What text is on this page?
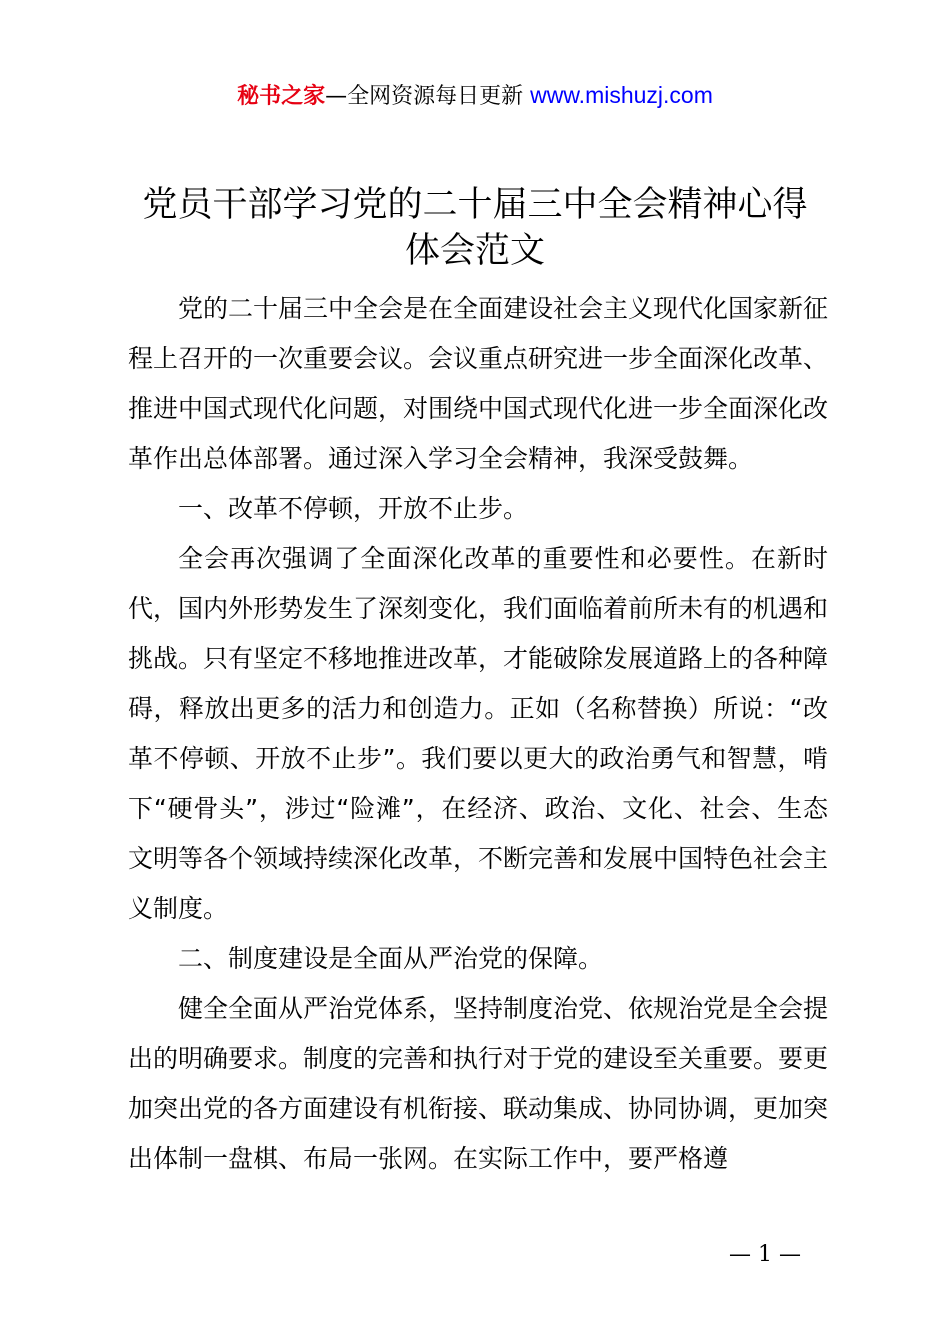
秘书之家—全网资源每日更新 www.mishuzj.com
党员干部学习党的二十届三中全会精神心得
体会范文

党的二十届三中全会是在全面建设社会主义现代化国家新征程上召开的一次重要会议。会议重点研究进一步全面深化改革、推进中国式现代化问题，对围绕中国式现代化进一步全面深化改革作出总体部署。通过深入学习全会精神，我深受鼓舞。

一、改革不停顿，开放不止步。

全会再次强调了全面深化改革的重要性和必要性。在新时代，国内外形势发生了深刻变化，我们面临着前所未有的机遇和挑战。只有坚定不移地推进改革，才能破除发展道路上的各种障碍，释放出更多的活力和创造力。正如（名称替换）所说：“改革不停顿、开放不止步”。我们要以更大的政治勇气和智慧，啃下“硬骨头”，涉过“险滩”，在经济、政治、文化、社会、生态文明等各个领域持续深化改革，不断完善和发展中国特色社会主义制度。

二、制度建设是全面从严治党的保障。

健全全面从严治党体系，坚持制度治党、依规治党是全会提出的明确要求。制度的完善和执行对于党的建设至关重要。要更加突出党的各方面建设有机衔接、联动集成、协同协调，更加突出体制一盘棋、布局一张网。在实际工作中，要严格遵

— 1 —
